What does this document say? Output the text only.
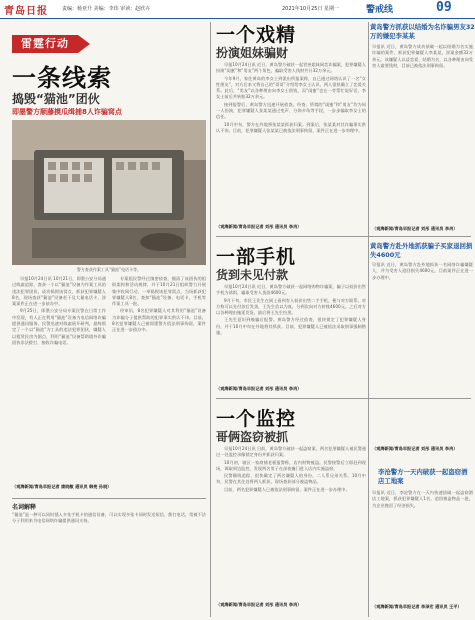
青岛日报	责编：杨亚升 美编：李玮 审读：赵欣卉	2021年10月25日 星期一	警戒线	09
雷霆行动
一条线索
捣毁“猫池”团伙
即墨警方顺藤摸瓜缉捕8人诈骗窝点
警方查获作案工具“猫池”电话卡等。

早报10月24日讯 10月21日，即墨公安分局通过线索追踪，查获一个以“猫池”设备为作案工具的违法犯罪团伙，成功捣毁该窝点，抓获犯罪嫌疑人8名，现场查获“猫池”设备若干及大量电话卡，涉案案件正在进一步侦办中。

9月25日，即墨公安分局专案民警在日常工作中发现，有人正在利用“猫池”设备为电信网络诈骗提供通讯服务。民警迅速对线索展开研判，最终锁定了一个以“猫池”为工具的违法犯罪团伙，嫌疑人以租赁民房为据点，利用“猫池”设备帮助境外诈骗团伙非法拨打、接收诈骗电话。

专案组民警经过缜密侦查，摸清了该团伙的组织架构和活动规律，并于10月21日组织警力开展集中收网行动，一举捣毁该犯罪窝点，当场抓获犯罪嫌疑人8名，查扣“猫池”设备、电话卡、手机等作案工具一批。

经审讯，8名犯罪嫌疑人对其利用“猫池”设备为诈骗分子提供帮助的犯罪事实供认不讳。目前，8名犯罪嫌疑人已被即墨警方依法刑事拘留，案件正在进一步侦办中。

（观海新闻/青岛早报记者 康晓敏 通讯员 韩亮 孙晓）
名词解释
“猫池”是一种可以同时插入多张手机卡的通信设备，可以实现多张卡同时发送短信、拨打电话，常被不法分子利用来为电信网络诈骗提供通讯支持。
一个戏精
扮演姐妹骗财

早报10月24日讯 近日，黄岛警方破获一起冒充姐妹网恋诈骗案，犯罪嫌疑人扮演“闺蜜”和“男友”两个角色，骗取受害人钱财共计32万余元。

今年9月，家住黄岛的李女士到派出所报案称，自己通过网络认识了一名“女性朋友”，对方后来又将自己的“哥哥”介绍给李女士认识，两人很快确立了恋爱关系。此后，“男友”以各种理由向李女士借钱，而“闺蜜”也在一旁帮忙说好话，李女士前后共转账32万余元。

接到报警后，黄岛警方迅速开展侦查。经查，所谓的“闺蜜”和“男友”均为同一人扮演，犯罪嫌疑人张某某通过变声、分饰多角等手段，一步步骗取李女士的信任。

10月中旬，警方在外地将张某某抓获归案。到案后，张某某对其诈骗事实供认不讳。目前，犯罪嫌疑人张某某已被依法刑事拘留，案件正在进一步审理中。

（观海新闻/青岛早报记者 刘彤 通讯员 李冉）
一部手机
货到未见付款

早报10月24日讯 近日，黄岛警方破获一起网络购物诈骗案，骗子以低价出售手机为诱饵，骗取受害人货款4600元。

9月下旬，市民王先生在网上看到有人低价出售二手手机，便与对方联系。对方称可以先付款后发货，王先生信以为真，分两次向对方转账4600元。之后对方以各种理由拖延发货，最后将王先生拉黑。

王先生意识到被骗后报警。黄岛警方经过侦查，很快锁定了犯罪嫌疑人身份，并于10月中旬在外地将其抓获。目前，犯罪嫌疑人已被依法采取刑事强制措施。

（观海新闻/青岛早报记者 刘彤 通讯员 李冉）
一个监控
哥俩盗窃被抓

早报10月24日讯 日前，黄岛警方破获一起盗窃案，两名犯罪嫌疑人被民警通过一处监控录像锁定身份并抓获归案。

10月初，辖区一家商铺老板报警称，店内财物被盗。民警接警后立即赶到现场，调取周边监控，发现两名男子在深夜撬门进入店内实施盗窃。

民警顺线追踪，很快确定了两名嫌疑人的身份，二人系兄弟关系。10月中旬，民警在其住处将两人抓获，现场查获部分被盗物品。

目前，两名犯罪嫌疑人已被依法刑事拘留，案件正在进一步办理中。

（观海新闻/青岛早报记者 刘彤 通讯员 李冉）
黄岛警方抓获以结婚为名诈骗男友32万的嫌犯李某某
早报讯 近日，黄岛警方成功侦破一起以结婚为名实施诈骗的案件，抓获犯罪嫌疑人李某某，涉案金额32万余元。该嫌疑人以谈恋爱、结婚为名，以各种理由向受害人索要钱财，目前已被依法刑事拘留。
（观海新闻/青岛早报记者 刘彤 通讯员 李冉）
黄岛警方赴外地抓获骗子买家退回损失4600元
早报讯 近日，黄岛警方赴外地抓获一名网络诈骗嫌疑人，并为受害人追回损失4600元，目前案件正在进一步办理中。
（观海新闻/青岛早报记者 刘彤 通讯员 李冉）
李沧警方一天内破获一起盗窃酒店工地案
早报讯 近日，李沧警方在一天内快速侦破一起盗窃酒店工地案，抓获犯罪嫌疑人1名，追回被盗物品一批，为企业挽回了经济损失。
（观海新闻/青岛早报记者 李泽宏 通讯员 王平）
